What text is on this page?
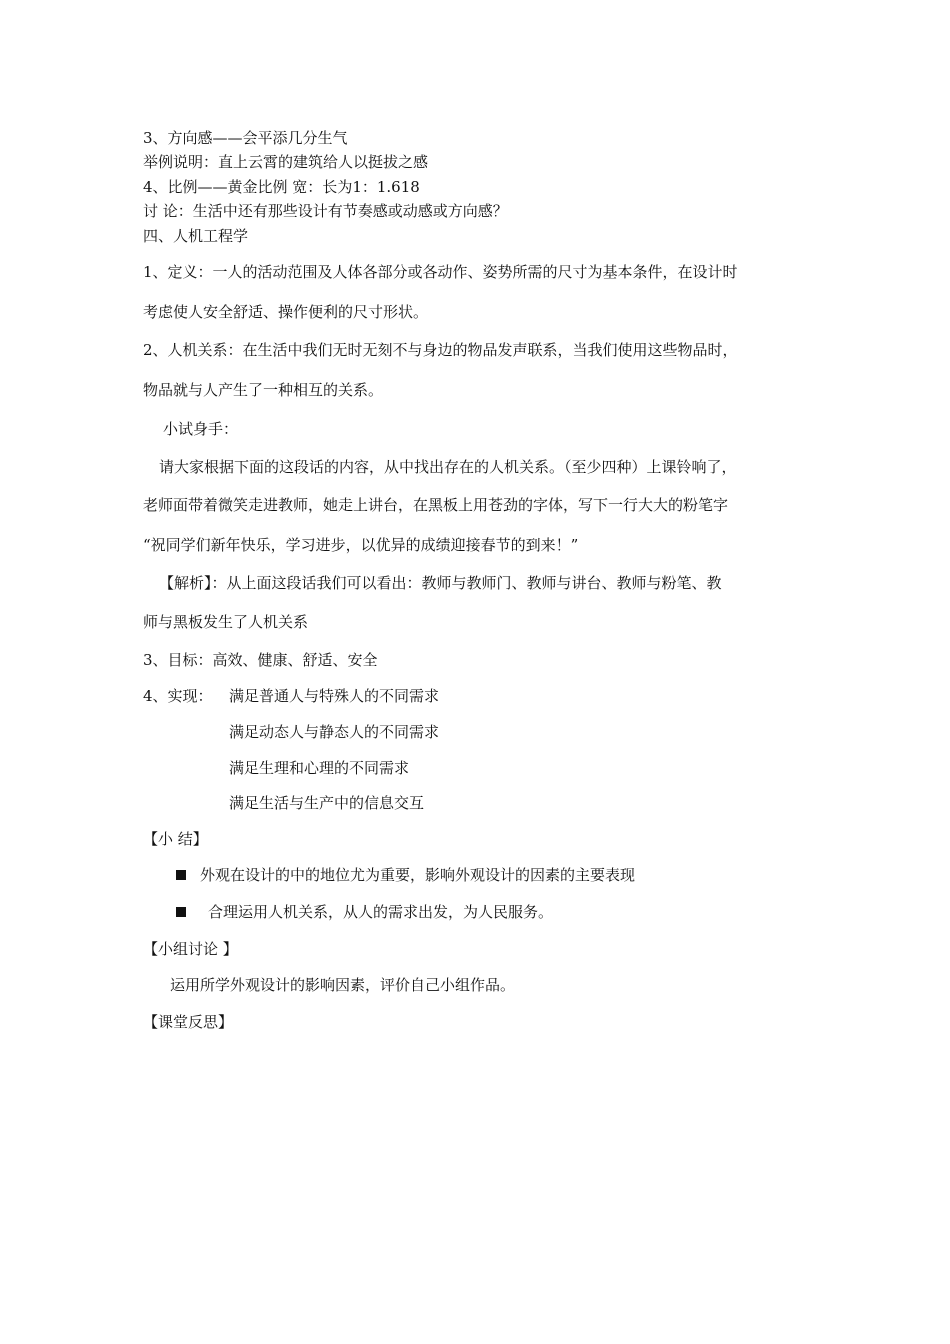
3、方向感——会平添几分生气
举例说明：直上云霄的建筑给人以挺拔之感
4、比例——黄金比例 宽：长为1：1.618
讨 论：生活中还有那些设计有节奏感或动感或方向感？
四、人机工程学
1、定义：一人的活动范围及人体各部分或各动作、姿势所需的尺寸为基本条件，在设计时
考虑使人安全舒适、操作便利的尺寸形状。
2、人机关系：在生活中我们无时无刻不与身边的物品发声联系，当我们使用这些物品时，
物品就与人产生了一种相互的关系。
小试身手：
请大家根据下面的这段话的内容，从中找出存在的人机关系。（至少四种）上课铃响了，
老师面带着微笑走进教师，她走上讲台，在黑板上用苍劲的字体，写下一行大大的粉笔字
“祝同学们新年快乐，学习进步，以优异的成绩迎接春节的到来！”
【解析】：从上面这段话我们可以看出：教师与教师门、教师与讲台、教师与粉笔、教
师与黑板发生了人机关系
3、目标：高效、健康、舒适、安全
4、实现： 满足普通人与特殊人的不同需求
满足动态人与静态人的不同需求
满足生理和心理的不同需求
满足生活与生产中的信息交互
【小 结】
外观在设计的中的地位尤为重要，影响外观设计的因素的主要表现
合理运用人机关系，从人的需求出发，为人民服务。
【小组讨论 】
运用所学外观设计的影响因素，评价自己小组作品。
【课堂反思】
